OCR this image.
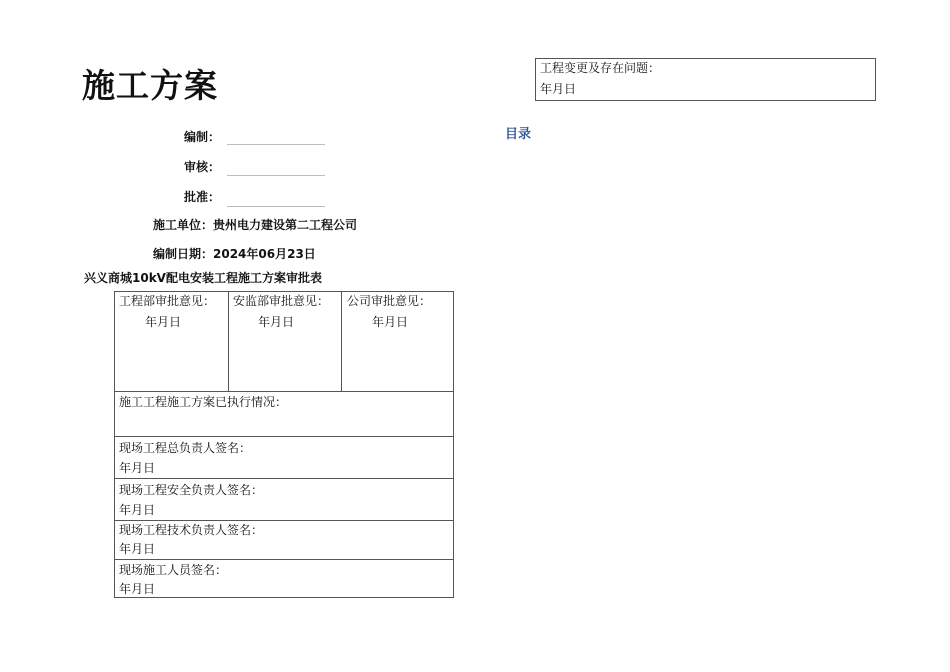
施工方案
编制：
审核：
批准：
施工单位：贵州电力建设第二工程公司
编制日期：2024年06月23日
兴义商城10kV配电安装工程施工方案审批表
工程部审批意见：
年月日
安监部审批意见：
年月日
公司审批意见：
年月日
施工工程施工方案已执行情况：
现场工程总负责人签名：
年月日
现场工程安全负责人签名：
年月日
现场工程技术负责人签名：
年月日
现场施工人员签名：
年月日
工程变更及存在问题：
年月日
目录
